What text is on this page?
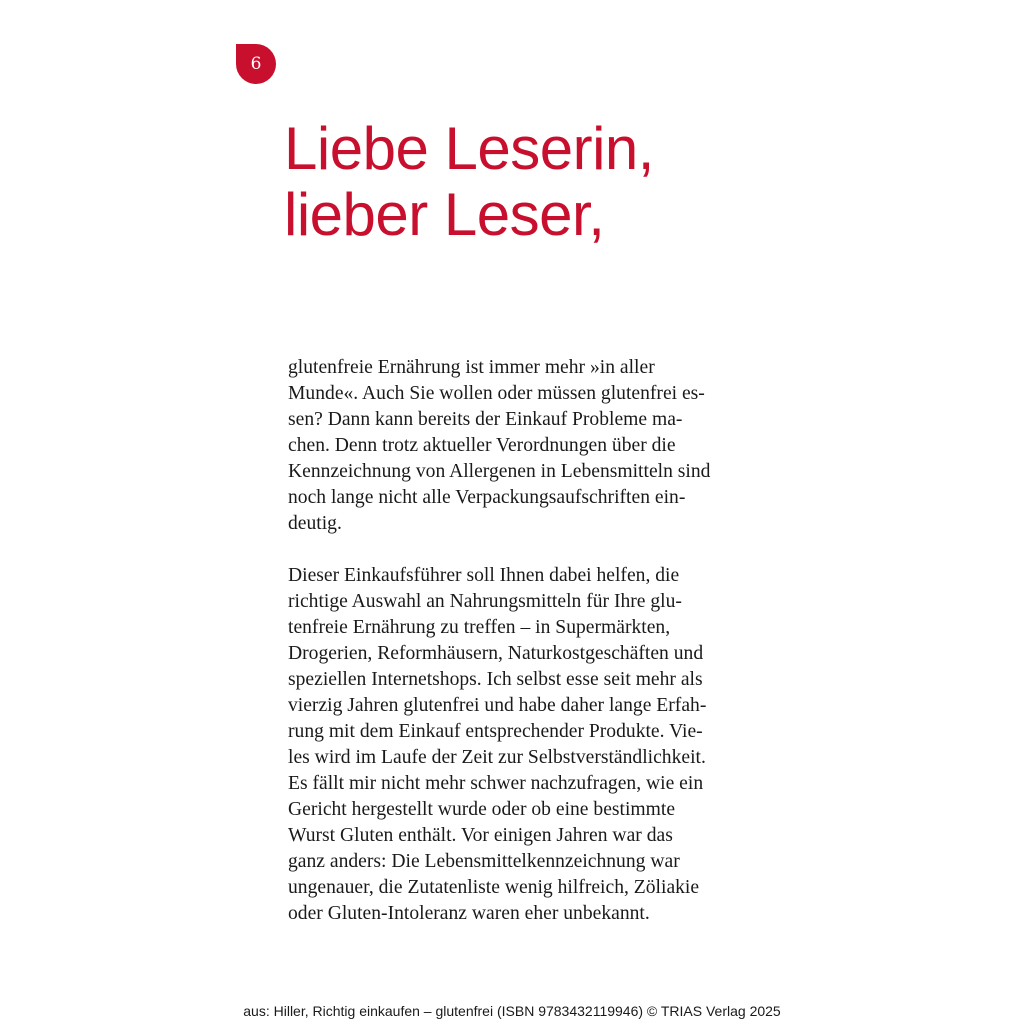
6
Liebe Leserin,
lieber Leser,

glutenfreie Ernährung ist immer mehr »in aller
Munde«. Auch Sie wollen oder müssen glutenfrei es-
sen? Dann kann bereits der Einkauf Probleme ma-
chen. Denn trotz aktueller Verordnungen über die
Kennzeichnung von Allergenen in Lebensmitteln sind
noch lange nicht alle Verpackungsaufschriften ein-
deutig.

Dieser Einkaufsführer soll Ihnen dabei helfen, die
richtige Auswahl an Nahrungsmitteln für Ihre glu-
tenfreie Ernährung zu treffen – in Supermärkten,
Drogerien, Reformhäusern, Naturkostgeschäften und
speziellen Internetshops. Ich selbst esse seit mehr als
vierzig Jahren glutenfrei und habe daher lange Erfah-
rung mit dem Einkauf entsprechender Produkte. Vie-
les wird im Laufe der Zeit zur Selbstverständlichkeit.
Es fällt mir nicht mehr schwer nachzufragen, wie ein
Gericht hergestellt wurde oder ob eine bestimmte
Wurst Gluten enthält. Vor einigen Jahren war das
ganz anders: Die Lebensmittelkennzeichnung war
ungenauer, die Zutatenliste wenig hilfreich, Zöliakie
oder Gluten-Intoleranz waren eher unbekannt.

aus: Hiller, Richtig einkaufen – glutenfrei (ISBN 9783432119946) © TRIAS Verlag 2025
